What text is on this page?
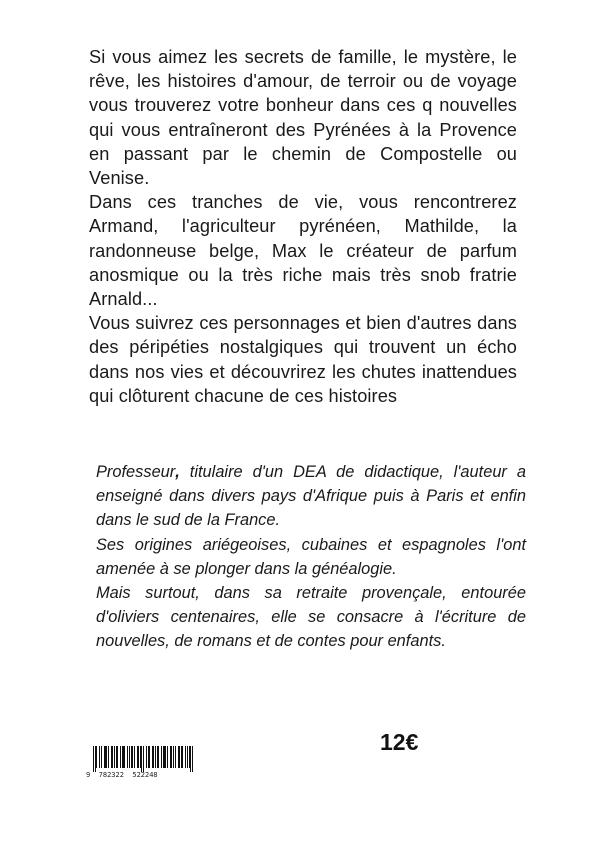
Si vous aimez les secrets de famille, le mystère, le rêve, les histoires d'amour, de terroir ou de voyage vous trouverez votre bonheur dans ces q nouvelles qui vous entraîneront des Pyrénées à la Provence en passant par le chemin de Compostelle ou Venise.

Dans ces tranches de vie, vous rencontrerez Armand, l'agriculteur pyrénéen, Mathilde, la randonneuse belge, Max le créateur de parfum anosmique ou la très riche mais très snob fratrie Arnald...

Vous suivrez ces personnages et bien d'autres dans des péripéties nostalgiques qui trouvent un écho dans nos vies et découvrirez les chutes inattendues qui clôturent chacune de ces histoires

Professeur, titulaire d'un DEA de didactique, l'auteur a enseigné dans divers pays d'Afrique puis à Paris et enfin dans le sud de la France.

Ses origines ariégeoises, cubaines et espagnoles l'ont amenée à se plonger dans la généalogie.

Mais surtout, dans sa retraite provençale, entourée d'oliviers centenaires, elle se consacre à l'écriture de nouvelles, de romans et de contes pour enfants.

9  782322  522248
12€
